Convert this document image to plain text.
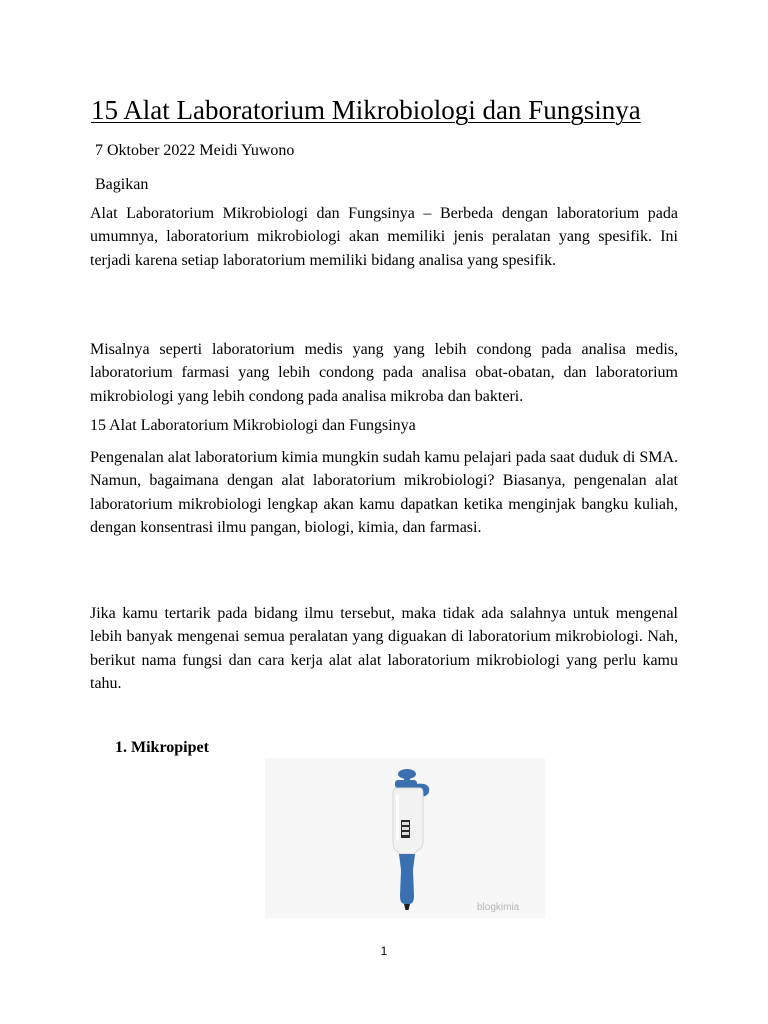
15 Alat Laboratorium Mikrobiologi dan Fungsinya
7 Oktober 2022 Meidi Yuwono
Bagikan

Alat Laboratorium Mikrobiologi dan Fungsinya – Berbeda dengan laboratorium pada umumnya, laboratorium mikrobiologi akan memiliki jenis peralatan yang spesifik. Ini terjadi karena setiap laboratorium memiliki bidang analisa yang spesifik.

Misalnya seperti laboratorium medis yang yang lebih condong pada analisa medis, laboratorium farmasi yang lebih condong pada analisa obat-obatan, dan laboratorium mikrobiologi yang lebih condong pada analisa mikroba dan bakteri.

15 Alat Laboratorium Mikrobiologi dan Fungsinya

Pengenalan alat laboratorium kimia mungkin sudah kamu pelajari pada saat duduk di SMA. Namun, bagaimana dengan alat laboratorium mikrobiologi? Biasanya, pengenalan alat laboratorium mikrobiologi lengkap akan kamu dapatkan ketika menginjak bangku kuliah, dengan konsentrasi ilmu pangan, biologi, kimia, dan farmasi.

Jika kamu tertarik pada bidang ilmu tersebut, maka tidak ada salahnya untuk mengenal lebih banyak mengenai semua peralatan yang diguakan di laboratorium mikrobiologi. Nah, berikut nama fungsi dan cara kerja alat alat laboratorium mikrobiologi yang perlu kamu tahu.

1. Mikropipet
blogkimia
1
